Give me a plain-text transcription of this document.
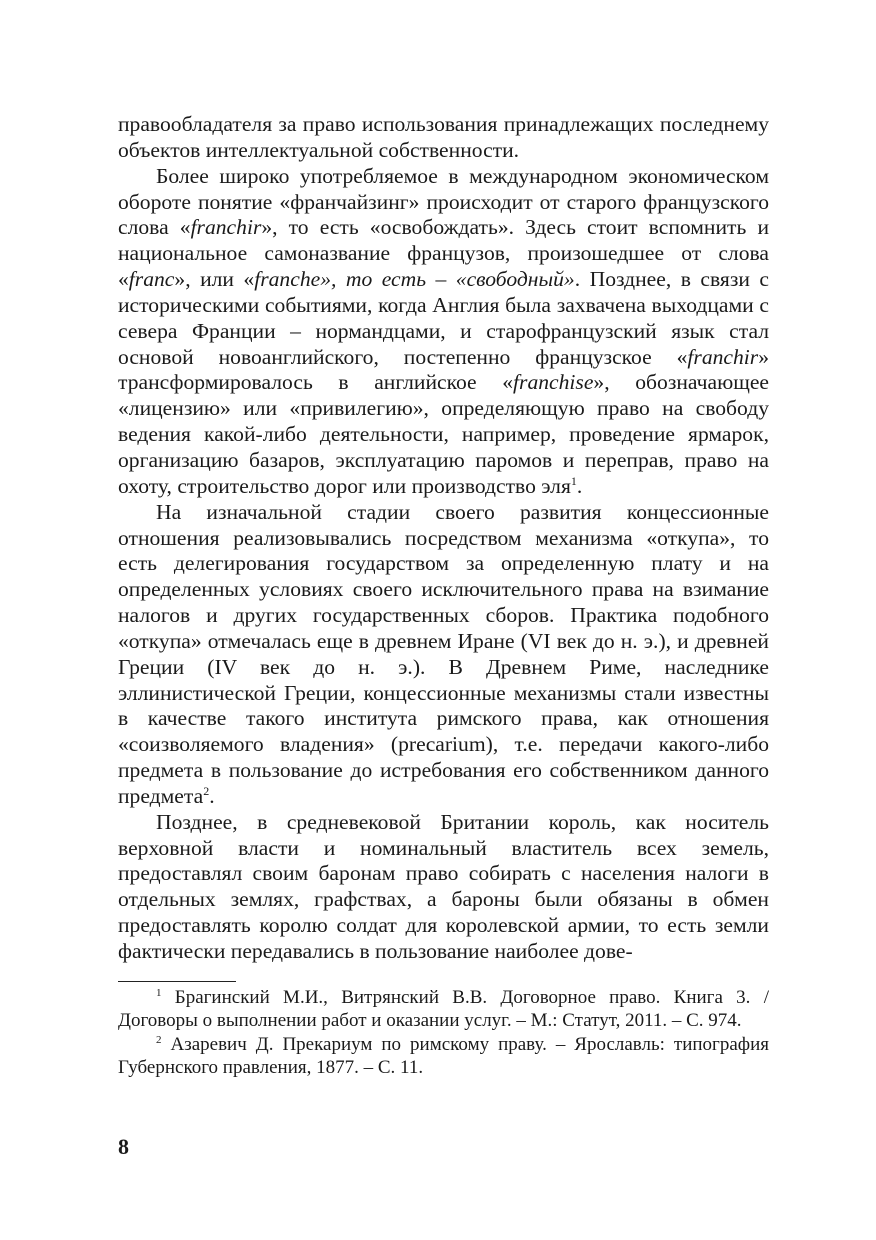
правообладателя за право использования принадлежащих последнему объектов интеллектуальной собственности.

Более широко употребляемое в международном экономическом обороте понятие «франчайзинг» происходит от старого французского слова «franchir», то есть «освобождать». Здесь стоит вспомнить и национальное самоназвание французов, произошедшее от слова «franc», или «franche», то есть – «свободный». Позднее, в связи с историческими событиями, когда Англия была захвачена выходцами с севера Франции – нормандцами, и старофранцузский язык стал основой новоанглийского, постепенно французское «franchir» трансформировалось в английское «franchise», обозначающее «лицензию» или «привилегию», определяющую право на свободу ведения какой-либо деятельности, например, проведение ярмарок, организацию базаров, эксплуатацию паромов и переправ, право на охоту, строительство дорог или производство эля$^1$.

На изначальной стадии своего развития концессионные отношения реализовывались посредством механизма «откупа», то есть делегирования государством за определенную плату и на определенных условиях своего исключительного права на взимание налогов и других государственных сборов. Практика подобного «откупа» отмечалась еще в древнем Иране (VI век до н. э.), и древней Греции (IV век до н. э.). В Древнем Риме, наследнике эллинистической Греции, концессионные механизмы стали известны в качестве такого института римского права, как отношения «соизволяемого владения» (precarium), т.е. передачи какого-либо предмета в пользование до истребования его собственником данного предмета$^2$.

Позднее, в средневековой Британии король, как носитель верховной власти и номинальный властитель всех земель, предоставлял своим баронам право собирать с населения налоги в отдельных землях, графствах, а бароны были обязаны в обмен предоставлять королю солдат для королевской армии, то есть земли фактически передавались в пользование наиболее дове-

$^1$ Брагинский М.И., Витрянский В.В. Договорное право. Книга 3. / Договоры о выполнении работ и оказании услуг. – М.: Статут, 2011. – С. 974.

$^2$ Азаревич Д. Прекариум по римскому праву. – Ярославль: типография Губернского правления, 1877. – С. 11.

8
